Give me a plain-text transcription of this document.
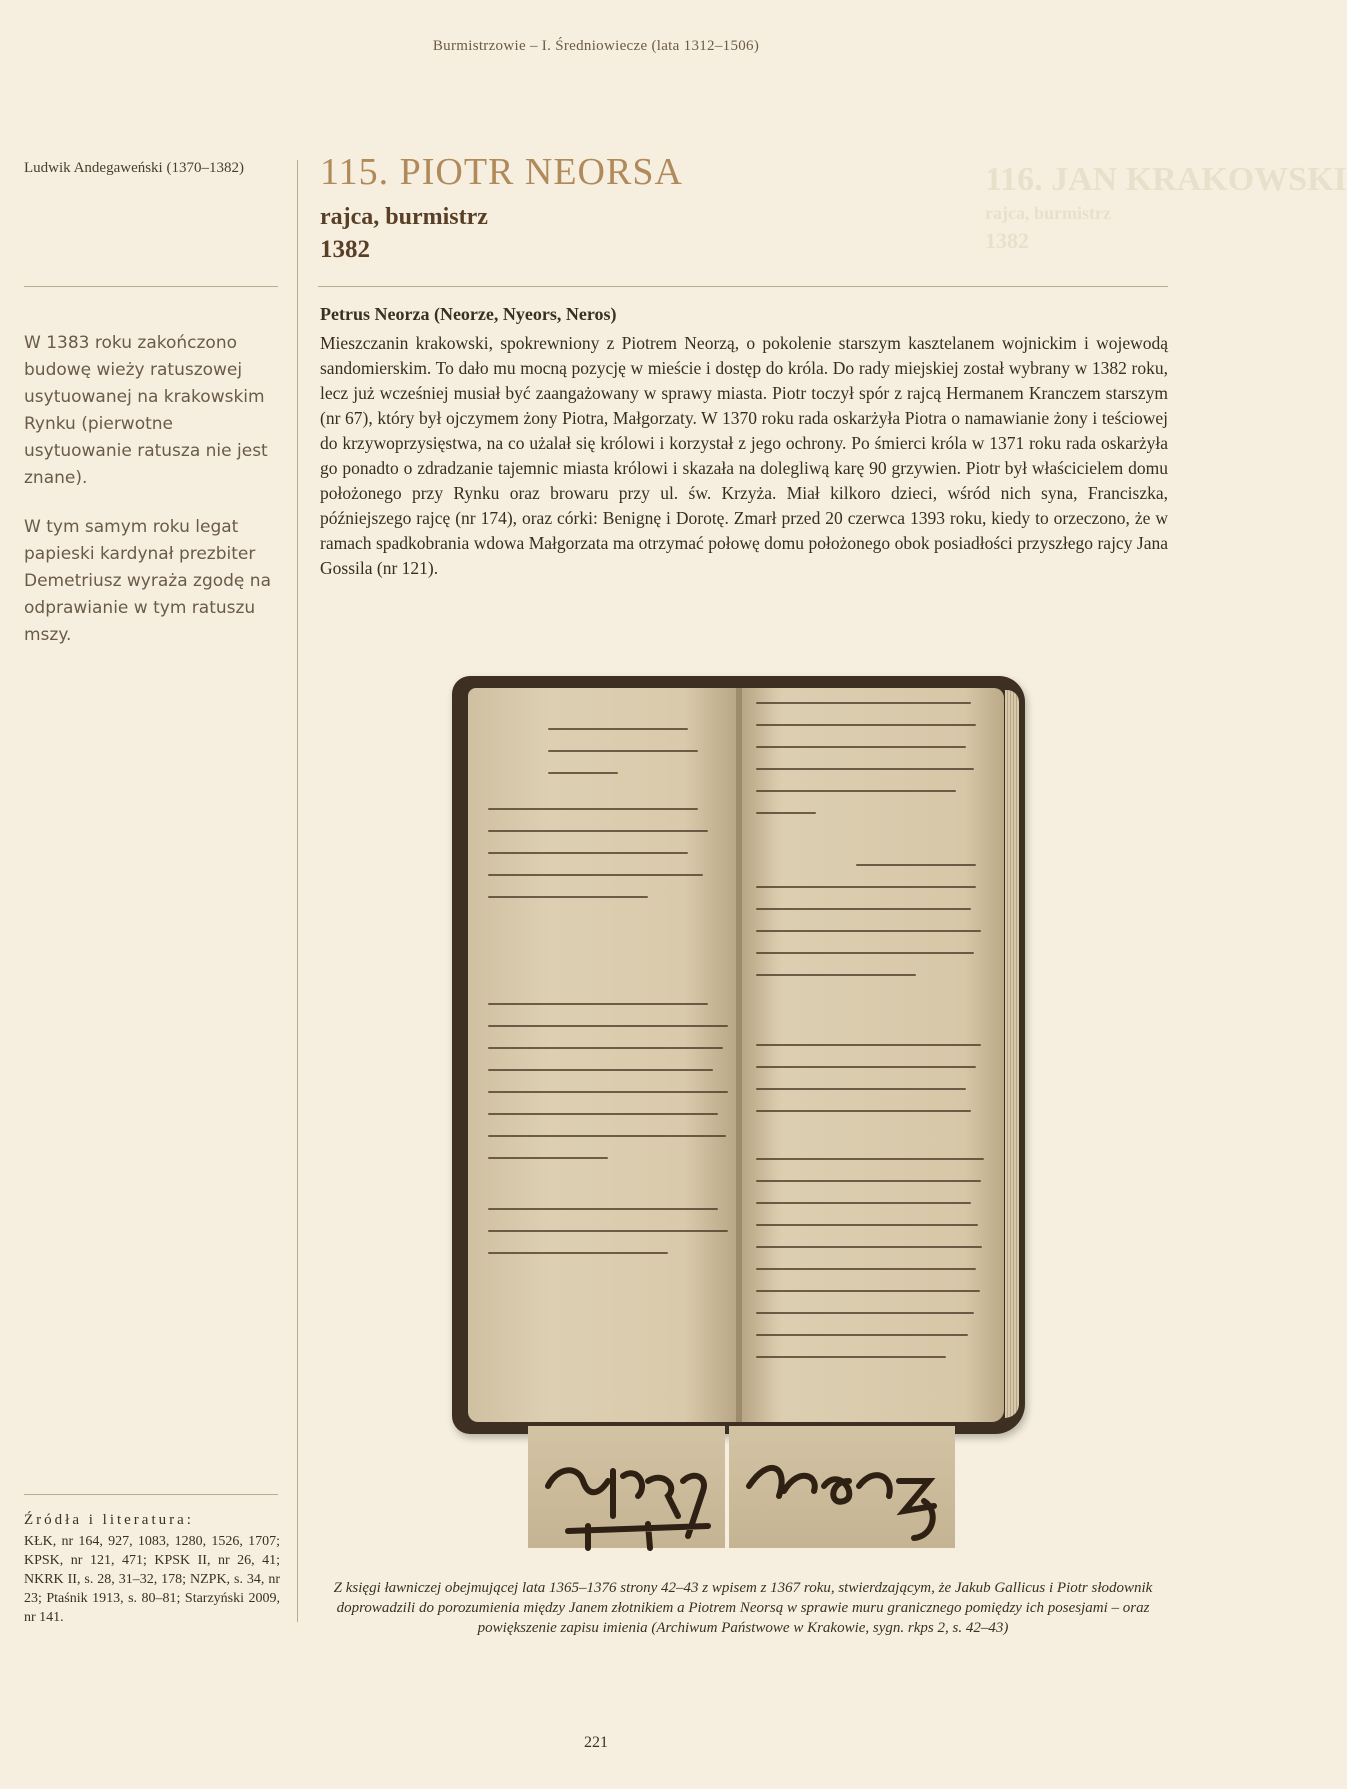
Burmistrzowie – I. Średniowiecze (lata 1312–1506)
116. JAN KRAKOWSKI
rajca, burmistrz
1382
Ludwik Andegaweński (1370–1382)

W 1383 roku zakończono budowę wieży ratuszowej usytuowanej na krakowskim Rynku (pierwotne usytuowanie ratusza nie jest znane).

W tym samym roku legat papieski kardynał prezbiter Demetriusz wyraża zgodę na odprawianie w tym ratuszu mszy.

115. PIOTR NEORSA
rajca, burmistrz
1382
Petrus Neorza (Neorze, Nyeors, Neros)

Mieszczanin krakowski, spokrewniony z Piotrem Neorzą, o pokolenie starszym kasztelanem wojnickim i wojewodą sandomierskim. To dało mu mocną pozycję w mieście i dostęp do króla. Do rady miejskiej został wybrany w 1382 roku, lecz już wcześniej musiał być zaangażowany w sprawy miasta. Piotr toczył spór z rajcą Hermanem Kranczem starszym (nr 67), który był ojczymem żony Piotra, Małgorzaty. W 1370 roku rada oskarżyła Piotra o namawianie żony i teściowej do krzywoprzysięstwa, na co użalał się królowi i korzystał z jego ochrony. Po śmierci króla w 1371 roku rada oskarżyła go ponadto o zdradzanie tajemnic miasta królowi i skazała na dolegliwą karę 90 grzywien. Piotr był właścicielem domu położonego przy Rynku oraz browaru przy ul. św. Krzyża. Miał kilkoro dzieci, wśród nich syna, Franciszka, późniejszego rajcę (nr 174), oraz córki: Benignę i Dorotę. Zmarł przed 20 czerwca 1393 roku, kiedy to orzeczono, że w ramach spadkobrania wdowa Małgorzata ma otrzymać połowę domu położonego obok posiadłości przyszłego rajcy Jana Gossila (nr 121).

Źródła i literatura:

KŁK, nr 164, 927, 1083, 1280, 1526, 1707; KPSK, nr 121, 471; KPSK II, nr 26, 41; NKRK II, s. 28, 31–32, 178; NZPK, s. 34, nr 23; Ptaśnik 1913, s. 80–81; Starzyński 2009, nr 141.

Z księgi ławniczej obejmującej lata 1365–1376 strony 42–43 z wpisem z 1367 roku, stwierdzającym, że Jakub Gallicus i Piotr słodownik doprowadzili do porozumienia między Janem złotnikiem a Piotrem Neorsą w sprawie muru granicznego pomiędzy ich posesjami – oraz powiększenie zapisu imienia (Archiwum Państwowe w Krakowie, sygn. rkps 2, s. 42–43)

221
